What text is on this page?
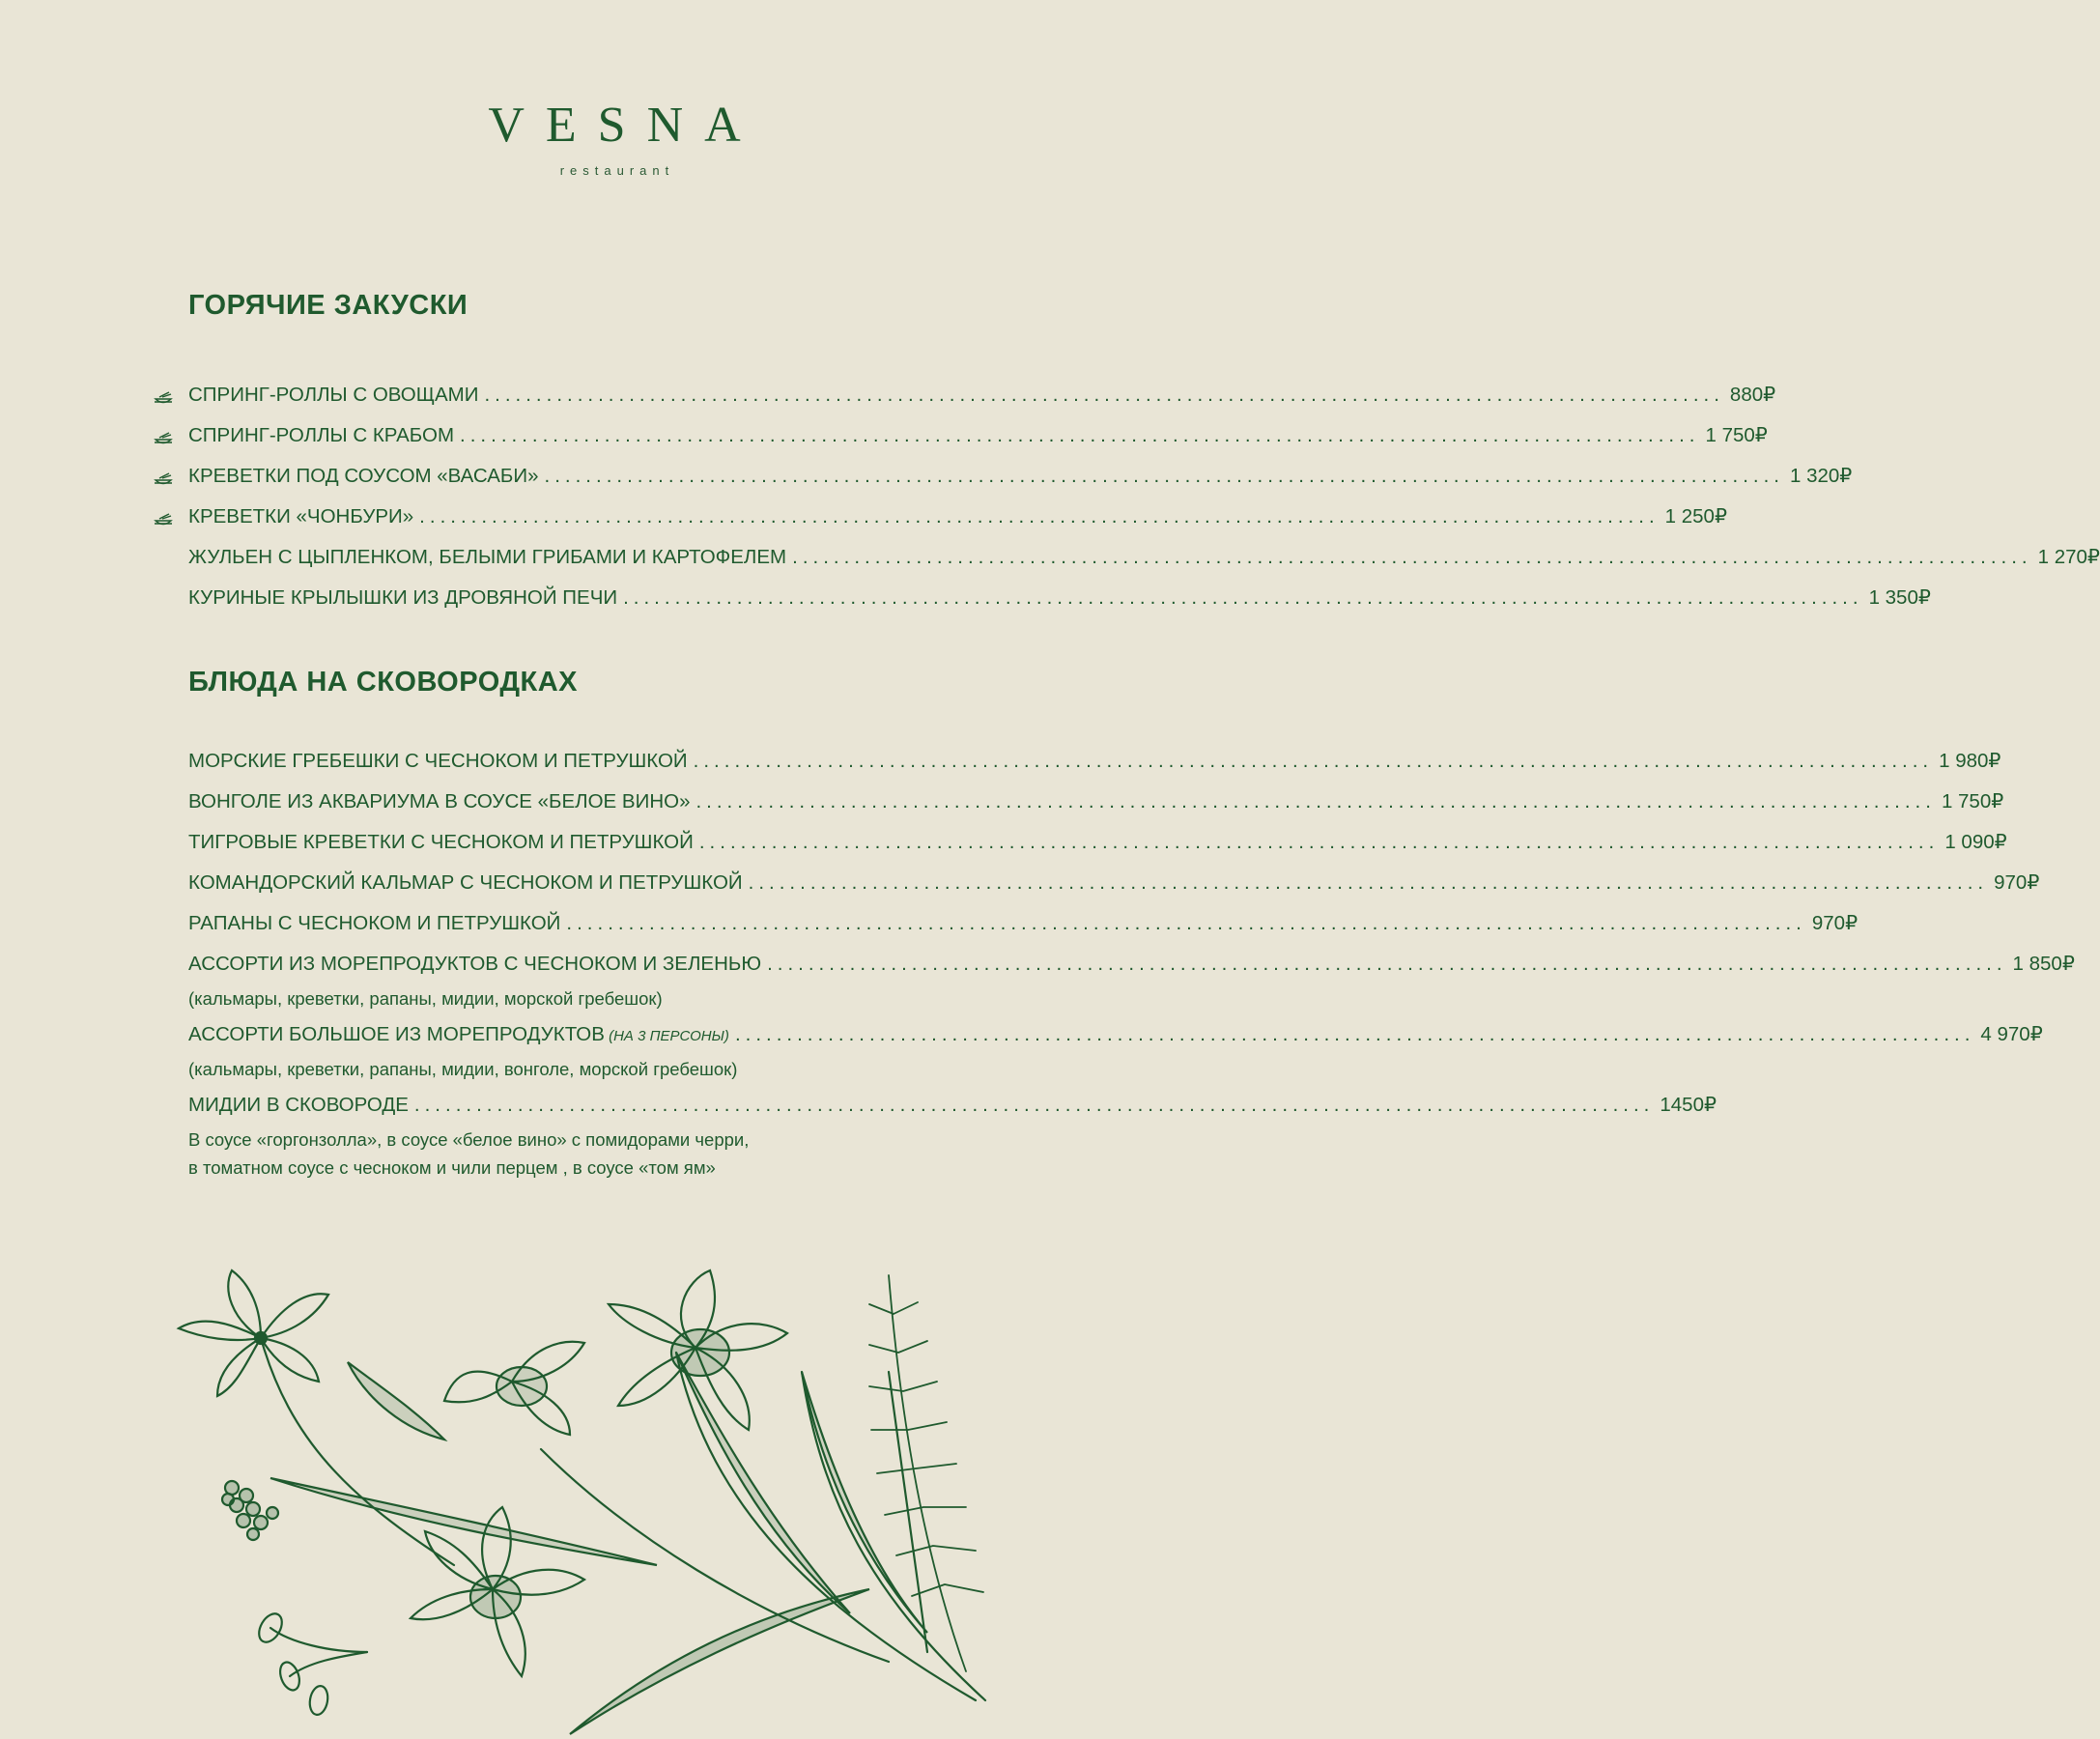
VESNA
restaurant
ГОРЯЧИЕ ЗАКУСКИ
СПРИНГ-РОЛЛЫ С ОВОЩАМИ ........................................................................................................................ 880₽
СПРИНГ-РОЛЛЫ С КРАБОМ ........................................................................................................................ 1 750₽
КРЕВЕТКИ ПОД СОУСОМ «ВАСАБИ» ........................................................................................................................ 1 320₽
КРЕВЕТКИ «ЧОНБУРИ» ........................................................................................................................ 1 250₽
ЖУЛЬЕН С ЦЫПЛЕНКОМ, БЕЛЫМИ ГРИБАМИ И КАРТОФЕЛЕМ ........................................................................................................................ 1 270₽
КУРИНЫЕ КРЫЛЫШКИ ИЗ ДРОВЯНОЙ ПЕЧИ ........................................................................................................................ 1 350₽
БЛЮДА НА СКОВОРОДКАХ
МОРСКИЕ ГРЕБЕШКИ С ЧЕСНОКОМ И ПЕТРУШКОЙ ........................................................................................................................ 1 980₽
ВОНГОЛЕ ИЗ АКВАРИУМА В СОУСЕ «БЕЛОЕ ВИНО» ........................................................................................................................ 1 750₽
ТИГРОВЫЕ КРЕВЕТКИ С ЧЕСНОКОМ И ПЕТРУШКОЙ ........................................................................................................................ 1 090₽
КОМАНДОРСКИЙ КАЛЬМАР С ЧЕСНОКОМ И ПЕТРУШКОЙ ........................................................................................................................ 970₽
РАПАНЫ С ЧЕСНОКОМ И ПЕТРУШКОЙ ........................................................................................................................ 970₽
АССОРТИ ИЗ МОРЕПРОДУКТОВ С ЧЕСНОКОМ И ЗЕЛЕНЬЮ ........................................................................................................................ 1 850₽
(кальмары, креветки, рапаны, мидии, морской гребешок)
АССОРТИ БОЛЬШОЕ ИЗ МОРЕПРОДУКТОВ (НА 3 ПЕРСОНЫ) ........................................................................................................................ 4 970₽
(кальмары, креветки, рапаны, мидии, вонголе, морской гребешок)
МИДИИ В СКОВОРОДЕ ........................................................................................................................ 1450₽
В соусе «горгонзолла», в соусе «белое вино» с помидорами черри,
в томатном соусе с чесноком и чили перцем , в соусе «том ям»
